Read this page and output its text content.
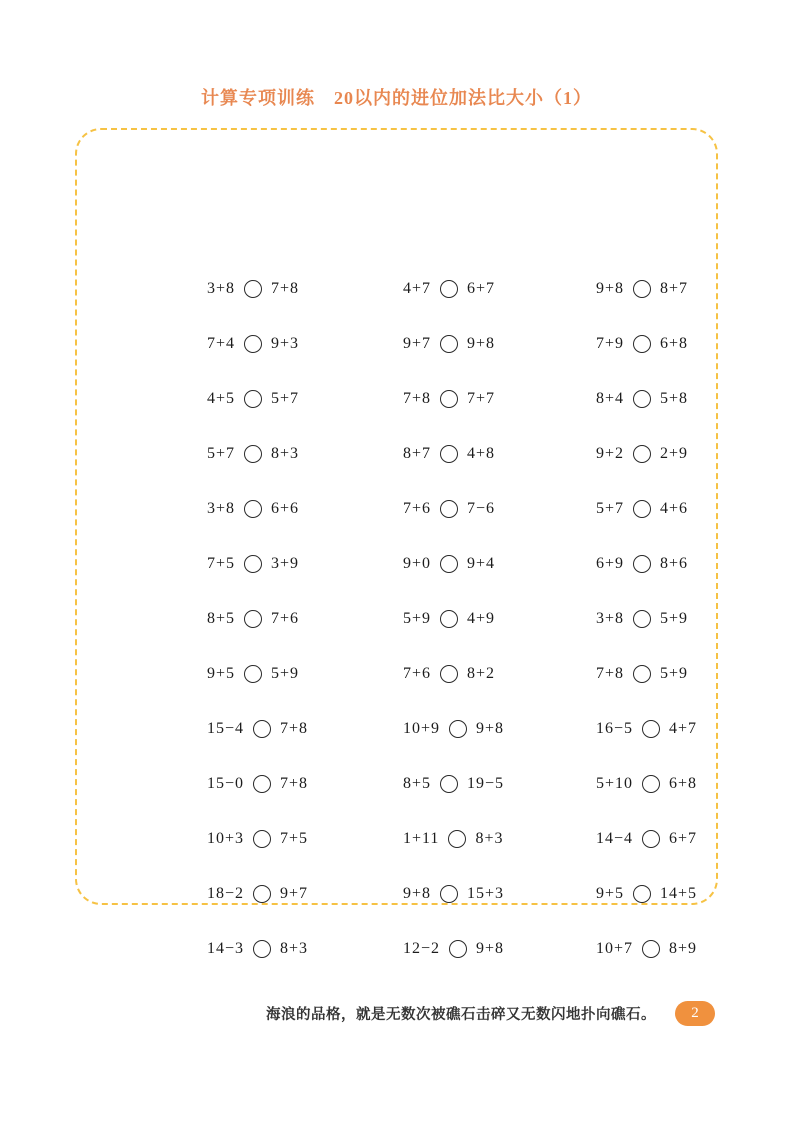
计算专项训练　20以内的进位加法比大小（1）
3+8 7+8	4+7 6+7	9+8 8+7
7+4 9+3	9+7 9+8	7+9 6+8
4+5 5+7	7+8 7+7	8+4 5+8
5+7 8+3	8+7 4+8	9+2 2+9
3+8 6+6	7+6 7−6	5+7 4+6
7+5 3+9	9+0 9+4	6+9 8+6
8+5 7+6	5+9 4+9	3+8 5+9
9+5 5+9	7+6 8+2	7+8 5+9
15−4 7+8	10+9 9+8	16−5 4+7
15−0 7+8	8+5 19−5	5+10 6+8
10+3 7+5	1+11 8+3	14−4 6+7
18−2 9+7	9+8 15+3	9+5 14+5
14−3 8+3	12−2 9+8	10+7 8+9
海浪的品格，就是无数次被礁石击碎又无数闪地扑向礁石。	2
